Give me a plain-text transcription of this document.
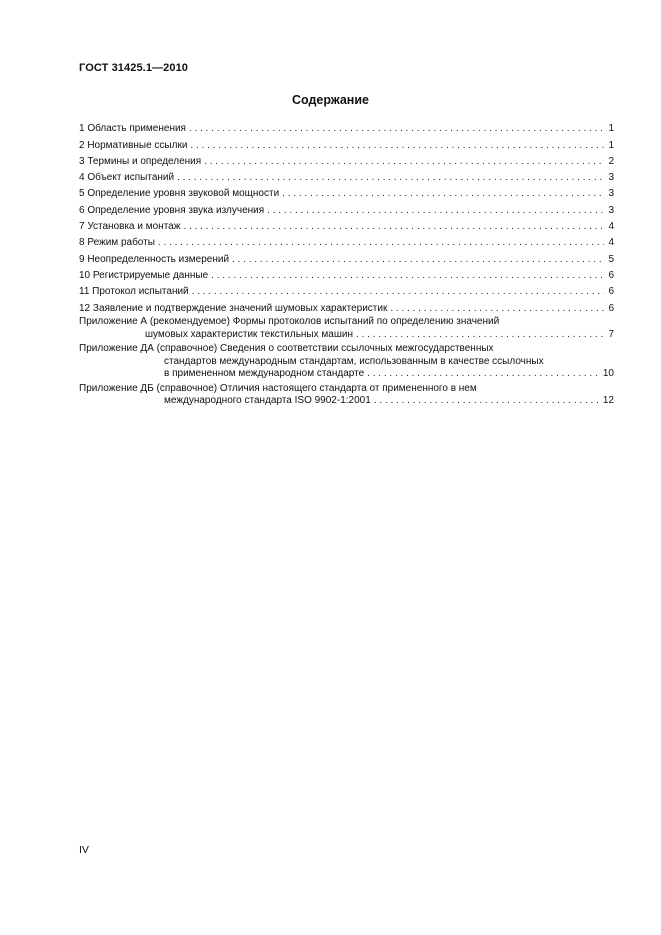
ГОСТ 31425.1—2010
Содержание
1 Область применения . . .	1
2 Нормативные ссылки . . .	1
3 Термины и определения . . .	2
4 Объект испытаний . . .	3
5 Определение уровня звуковой мощности . . .	3
6 Определение уровня звука излучения . . .	3
7 Установка и монтаж . . .	4
8 Режим работы . . .	4
9 Неопределенность измерений . . .	5
10 Регистрируемые данные . . .	6
11 Протокол испытаний . . .	6
12 Заявление и подтверждение значений шумовых характеристик . . .	6
Приложение А (рекомендуемое) Формы протоколов испытаний по определению значений
шумовых характеристик текстильных машин . . .	7
Приложение ДА (справочное) Сведения о соответствии ссылочных межгосударственных
стандартов международным стандартам, использованным в качестве ссылочных
в примененном международном стандарте . . .	10
Приложение ДБ (справочное) Отличия настоящего стандарта от примененного в нем
международного стандарта ISO 9902-1:2001 . . .	12
IV
